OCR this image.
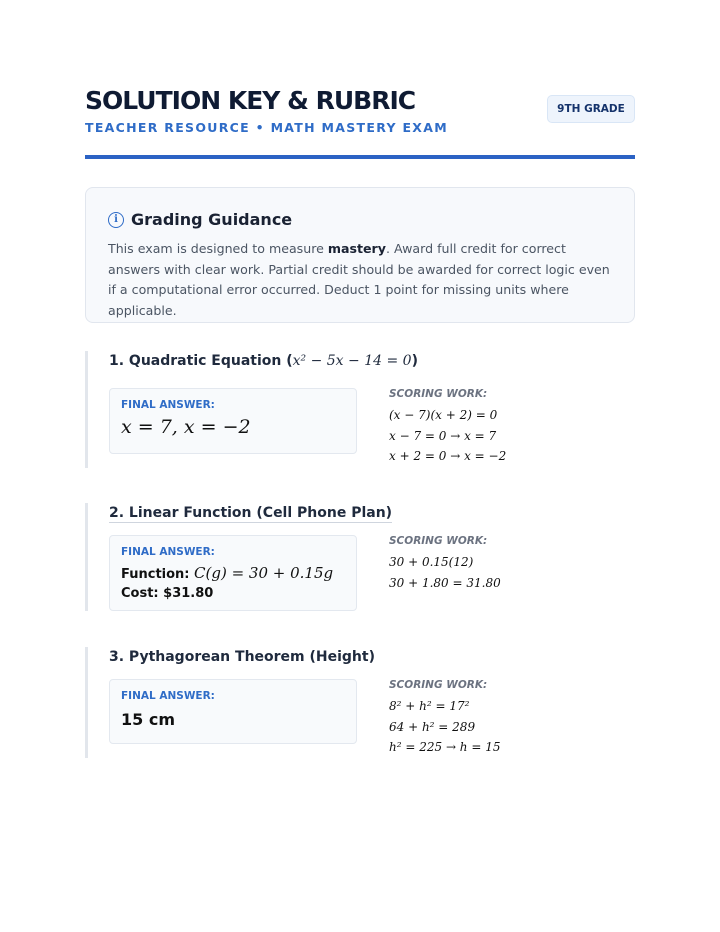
SOLUTION KEY & RUBRIC
TEACHER RESOURCE • MATH MASTERY EXAM
9TH GRADE
i Grading Guidance
This exam is designed to measure mastery. Award full credit for correct answers with clear work. Partial credit should be awarded for correct logic even if a computational error occurred. Deduct 1 point for missing units where applicable.
1. Quadratic Equation (x² − 5x − 14 = 0)
FINAL ANSWER:
x = 7, x = −2
SCORING WORK:
(x − 7)(x + 2) = 0
x − 7 = 0 → x = 7
x + 2 = 0 → x = −2
2. Linear Function (Cell Phone Plan)
FINAL ANSWER:
Function: C(g) = 30 + 0.15g
Cost: $31.80
SCORING WORK:
30 + 0.15(12)
30 + 1.80 = 31.80
3. Pythagorean Theorem (Height)
FINAL ANSWER:
15 cm
SCORING WORK:
8² + h² = 17²
64 + h² = 289
h² = 225 → h = 15
